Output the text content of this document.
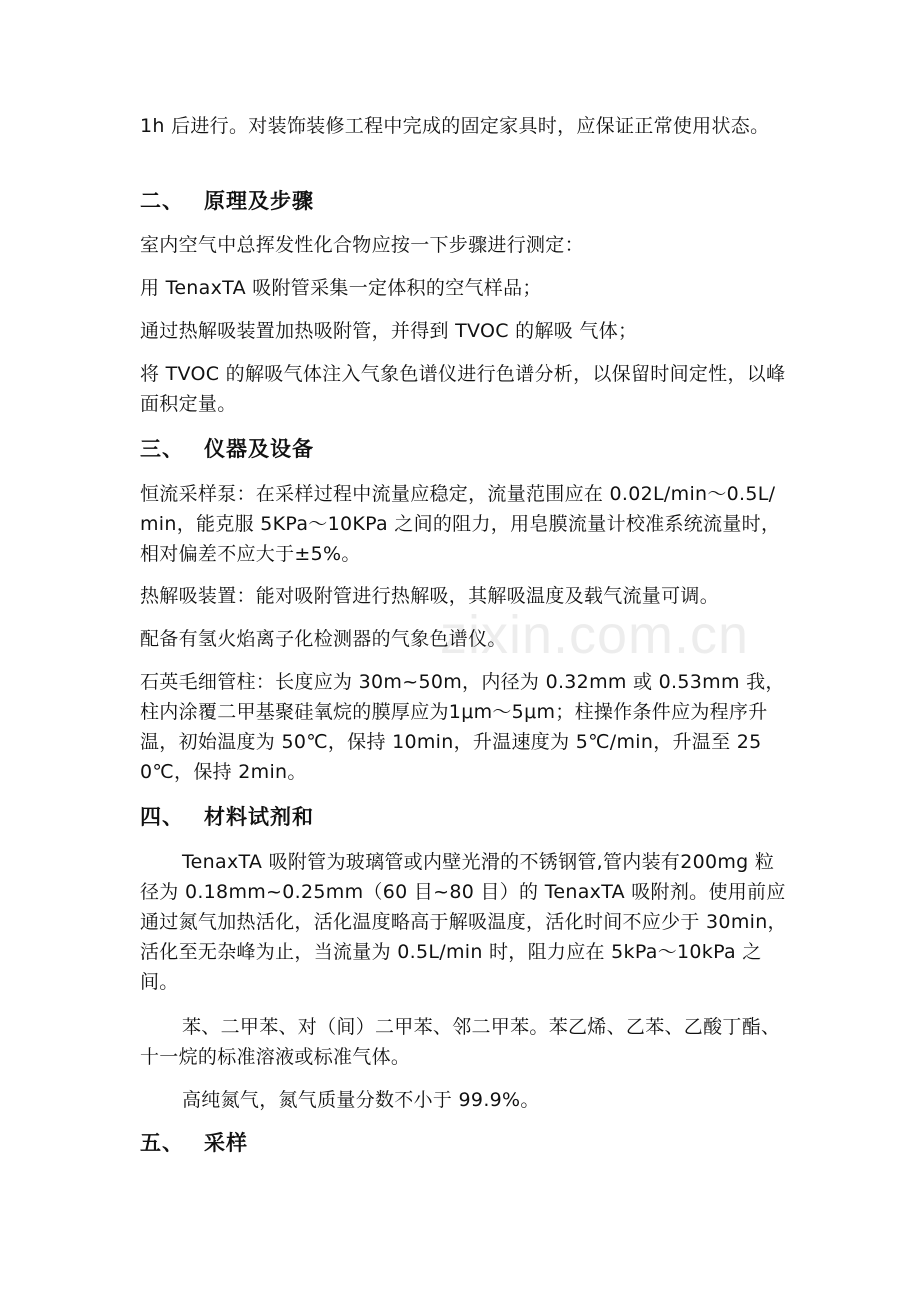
1h 后进行。对装饰装修工程中完成的固定家具时，应保证正常使用状态。

二、 原理及步骤

室内空气中总挥发性化合物应按一下步骤进行测定：

用 TenaxTA 吸附管采集一定体积的空气样品；

通过热解吸装置加热吸附管，并得到 TVOC 的解吸 气体；

将 TVOC 的解吸气体注入气象色谱仪进行色谱分析，以保留时间定性，以峰面积定量。

三、 仪器及设备

恒流采样泵：在采样过程中流量应稳定，流量范围应在 0.02L/min～0.5L/min，能克服 5KPa～10KPa 之间的阻力，用皂膜流量计校准系统流量时，相对偏差不应大于±5%。

热解吸装置：能对吸附管进行热解吸，其解吸温度及载气流量可调。

配备有氢火焰离子化检测器的气象色谱仪。

石英毛细管柱：长度应为 30m~50m，内径为 0.32mm 或 0.53mm 我，柱内涂覆二甲基聚硅氧烷的膜厚应为1μm～5μm；柱操作条件应为程序升温，初始温度为 50℃，保持 10min，升温速度为 5℃/min，升温至 250℃，保持 2min。

四、 材料试剂和

TenaxTA 吸附管为玻璃管或内壁光滑的不锈钢管,管内装有200mg 粒径为 0.18mm~0.25mm（60 目~80 目）的 TenaxTA 吸附剂。使用前应通过氮气加热活化，活化温度略高于解吸温度，活化时间不应少于 30min，活化至无杂峰为止，当流量为 0.5L/min 时，阻力应在 5kPa～10kPa 之间。

苯、二甲苯、对（间）二甲苯、邻二甲苯。苯乙烯、乙苯、乙酸丁酯、十一烷的标准溶液或标准气体。

高纯氮气，氮气质量分数不小于 99.9%。

五、 采样
zixin.com.cn
